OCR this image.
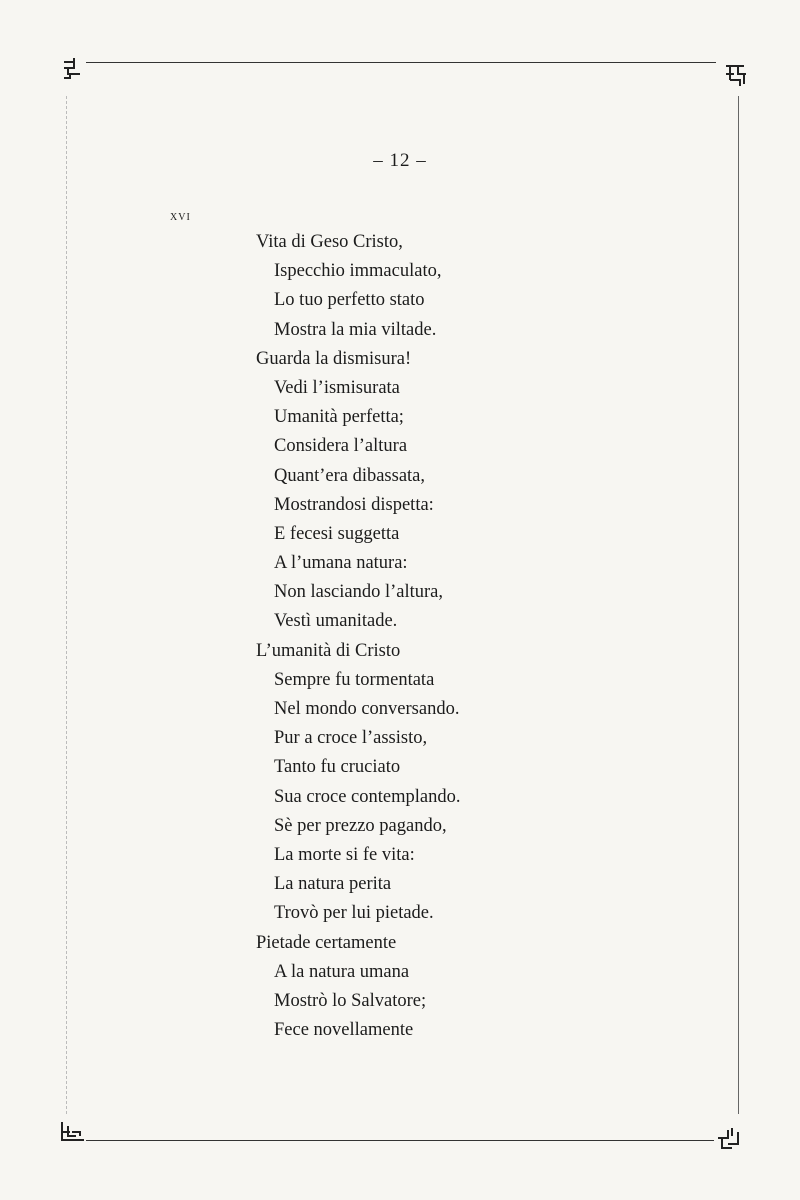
– 12 –
XVI
Vita di Geso Cristo,
Ispecchio immaculato,
Lo tuo perfetto stato
Mostra la mia viltade.
Guarda la dismisura!
Vedi l’ismisurata
Umanità perfetta;
Considera l’altura
Quant’era dibassata,
Mostrandosi dispetta:
E fecesi suggetta
A l’umana natura:
Non lasciando l’altura,
Vestì umanitade.
L’umanità di Cristo
Sempre fu tormentata
Nel mondo conversando.
Pur a croce l’assisto,
Tanto fu cruciato
Sua croce contemplando.
Sè per prezzo pagando,
La morte si fe vita:
La natura perita
Trovò per lui pietade.
Pietade certamente
A la natura umana
Mostrò lo Salvatore;
Fece novellamente
